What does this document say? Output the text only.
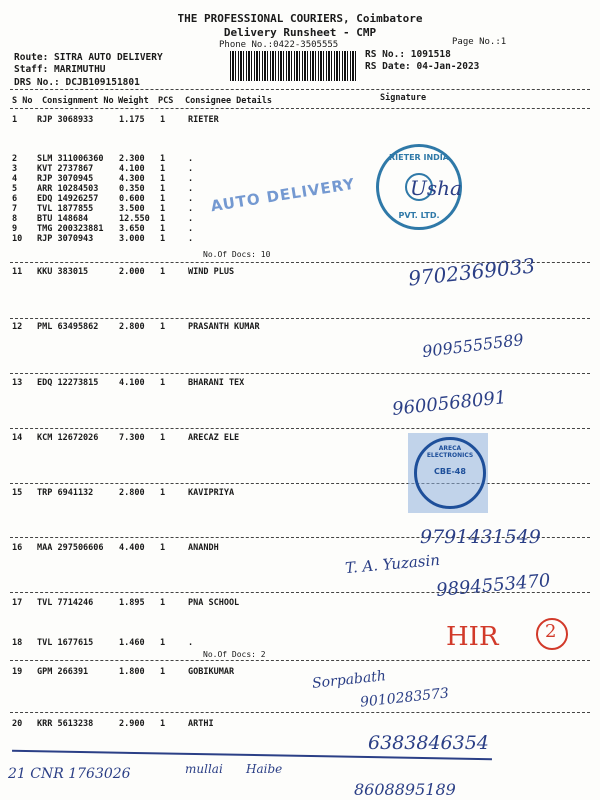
THE PROFESSIONAL COURIERS, Coimbatore
Delivery Runsheet - CMP
Phone No.:0422-3505555	Page No.:1
Route: SITRA AUTO DELIVERY
Staff: MARIMUTHU
DRS No.: DCJB109151801
RS No.: 1091518
RS Date: 04-Jan-2023
S No Consignment No Weight PCS Consignee Details	Signature
1 RJP 3068933	1.175 1	RIETER
2 SLM 311006360 2.300 1	.
3 KVT 2737867	4.100 1	.
4 RJP 3070945	4.300 1	.
5 ARR 10284503 0.350 1	.
6 EDQ 14926257 0.600 1	.
7 TVL 1877855	3.500 1	.
8 BTU 148684	12.550 1	.
9 TMG 200323881 3.650 1	.
10 RJP 3070943	3.000 1	.
11 KKU 383015	2.000 1	WIND PLUS
12 PML 63495862 2.800 1	PRASANTH KUMAR
13 EDQ 12273815 4.100 1	BHARANI TEX
14 KCM 12672026 7.300 1	ARECAZ ELE
15 TRP 6941132	2.800 1	KAVIPRIYA
16 MAA 297506606 4.400 1	ANANDH
17 TVL 7714246	1.895 1	PNA SCHOOL
18 TVL 1677615	1.460 1	.
19 GPM 266391	1.800 1	GOBIKUMAR
20 KRR 5613238	2.900 1	ARTHI
No.Of Docs: 10
No.Of Docs: 2
AUTO DELIVERY
RIETER INDIA
PVT. LTD.
ARECA ELECTRONICS
CBE-48
Usha
9702369033
9095555589
9600568091
9791431549
T. A. Yuzasin
9894553470
HIR	2
Sorpabath
9010283573
6383846354
21 CNR 1763026	mullai Haibe
8608895189
